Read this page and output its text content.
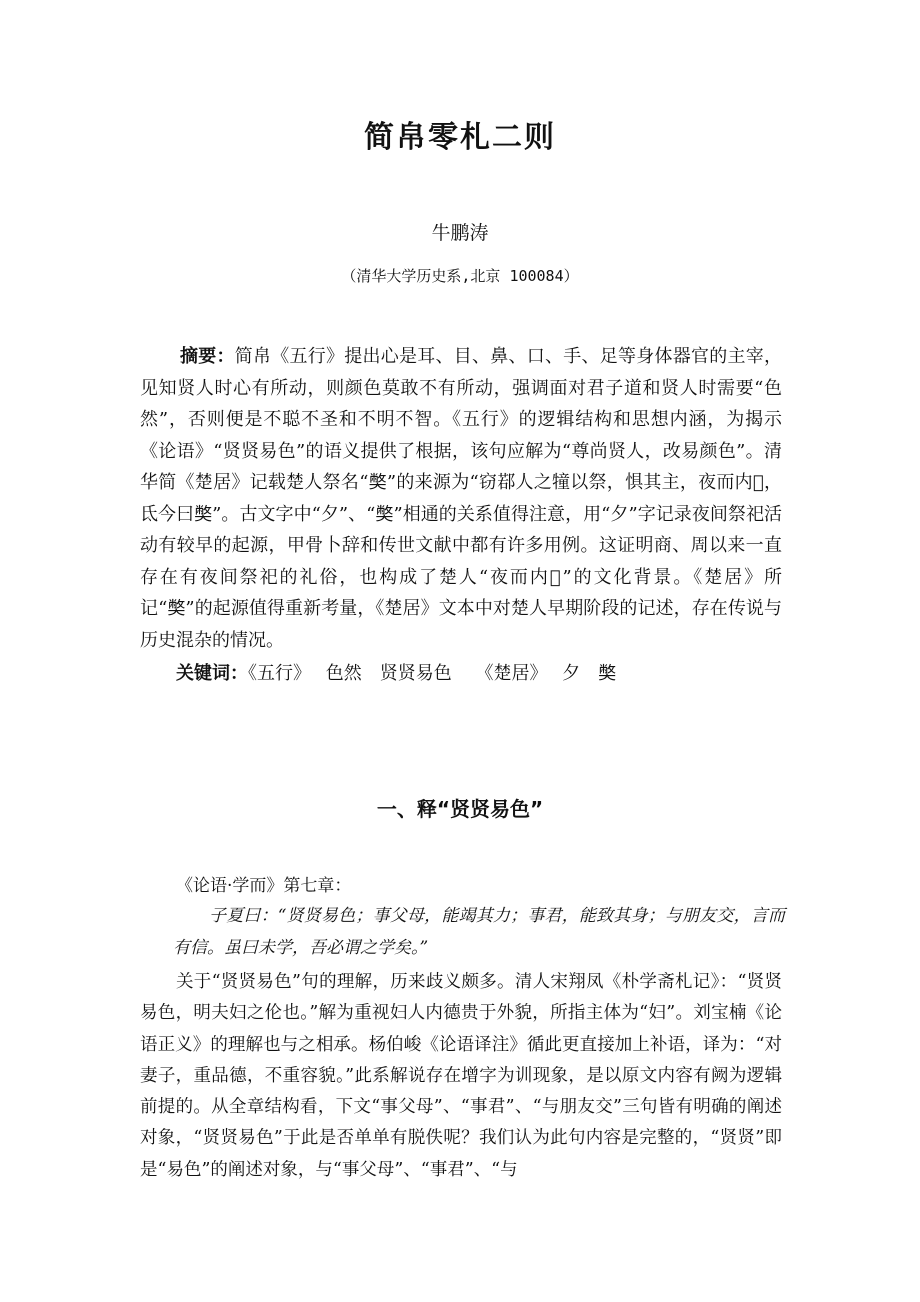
简帛零札二则
牛鹏涛
（清华大学历史系,北京 100084）
摘要：简帛《五行》提出心是耳、目、鼻、口、手、足等身体器官的主宰，见知贤人时心有所动，则颜色莫敢不有所动，强调面对君子道和贤人时需要“色然”，否则便是不聪不圣和不明不智。《五行》的逻辑结构和思想内涵，为揭示《论语》“贤贤易色”的语义提供了根据，该句应解为“尊尚贤人，改易颜色”。清华简《楚居》记载楚人祭名“𡚁”的来源为“窃鄀人之犝以祭，惧其主，夜而内𡱆，氐今曰𡚁”。古文字中“夕”、“𡚁”相通的关系值得注意，用“夕”字记录夜间祭祀活动有较早的起源，甲骨卜辞和传世文献中都有许多用例。这证明商、周以来一直存在有夜间祭祀的礼俗，也构成了楚人“夜而内𡱆”的文化背景。《楚居》所记“𡚁”的起源值得重新考量，《楚居》文本中对楚人早期阶段的记述，存在传说与历史混杂的情况。
关键词：《五行》　 色然　贤贤易色　 《楚居》　 夕　𡚁
一、释“贤贤易色”
《论语·学而》第七章：
子夏曰：“贤贤易色；事父母，能竭其力；事君，能致其身；与朋友交，言而有信。虽曰未学，吾必谓之学矣。”
关于“贤贤易色”句的理解，历来歧义颇多。清人宋翔凤《朴学斋札记》：“贤贤易色，明夫妇之伦也。”解为重视妇人内德贵于外貌，所指主体为“妇”。刘宝楠《论语正义》的理解也与之相承。杨伯峻《论语译注》循此更直接加上补语，译为：“对妻子，重品德，不重容貌。”此系解说存在增字为训现象，是以原文内容有阙为逻辑前提的。从全章结构看，下文“事父母”、“事君”、“与朋友交”三句皆有明确的阐述对象，“贤贤易色”于此是否单单有脱佚呢？我们认为此句内容是完整的，“贤贤”即是“易色”的阐述对象，与“事父母”、“事君”、“与
